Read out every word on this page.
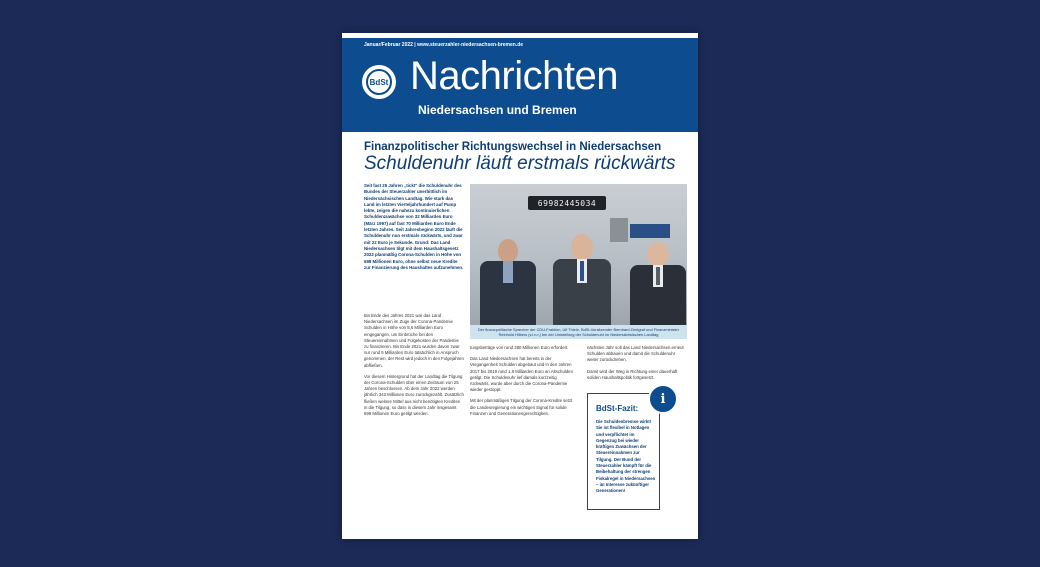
Januar/Februar 2022 | www.steuerzahler-niedersachsen-bremen.de
BdSt Nachrichten
Niedersachsen und Bremen
Finanzpolitischer Richtungswechsel in Niedersachsen
Schuldenuhr läuft erstmals rückwärts
Seit fast 25 Jahren „tickt" die Schuldenuhr des Bundes der Steuerzahler unerbittlich im Niedersächsischen Landtag. Wie stark das Land im letzten Vierteljahrhundert auf Pump lebte, zeigen die nahezu kontinuierlichen Schuldenzuwächse von 32 Milliarden Euro (März 1997) auf fast 70 Milliarden Euro Ende letzten Jahres. Seit Jahresbeginn 2022 läuft die Schuldenuhr nun erstmals rückwärts, und zwar mit 22 Euro je Sekunde. Grund: Das Land Niedersachsen tilgt mit dem Haushaltsgesetz 2022 planmäßig Corona-Schulden in Höhe von 698 Millionen Euro, ohne selbst neue Kredite zur Finanzierung des Haushaltes aufzunehmen.
69982445034
Der finanzpolitische Sprecher der CDU-Fraktion, Ulf Thiele, BdSt-Vorsitzender Bernhard Zentgraf und Finanzminister Reinhold Hilbers (v.l.n.r.) bei der Umstellung der Schuldenuhr im Niedersächsischen Landtag

Bis Ende des Jahres 2021 war das Land Niedersachsen im Zuge der Corona-Pandemie Schulden in Höhe von 8,6 Milliarden Euro eingegangen, um Einbrüche bei den Steuereinnahmen und Folgekosten der Pandemie zu finanzieren. Bis Ende 2021 wurden davon zwar nur rund 5 Milliarden Euro tatsächlich in Anspruch genommen, der Rest wird jedoch in den Folgejahren abfließen.

Vor diesem Hintergrund hat der Landtag die Tilgung der Corona-Schulden über einen Zeitraum von 25 Jahren beschlossen. Ab dem Jahr 2022 werden jährlich 343 Millionen Euro zurückgezahlt. Zusätzlich fließen weitere Mittel aus nicht benötigten Krediten in die Tilgung, so dass in diesem Jahr insgesamt 698 Millionen Euro getilgt werden.

tungsbeträge von rund 280 Millionen Euro erfordert.

Das Land Niedersachsen hat bereits in der Vergangenheit Schulden abgebaut und in den Jahren 2017 bis 2019 rund 1,8 Milliarden Euro an Altschulden getilgt. Die Schuldenuhr lief damals kurzzeitig rückwärts, wurde aber durch die Corona-Pandemie wieder gestoppt.

Mit der planmäßigen Tilgung der Corona-Kredite setzt die Landesregierung ein wichtiges Signal für solide Finanzen und Generationengerechtigkeit.

nächsten Jahr soll das Land Niedersachsen erneut Schulden abbauen und damit die Schuldenuhr weiter zurückdrehen.

Damit wird der Weg in Richtung einer dauerhaft soliden Haushaltspolitik fortgesetzt.

BdSt-Fazit:
Die Schuldenbremse wirkt! Sie ist flexibel in Notlagen und verpflichtet im Gegenzug bei wieder kräftigen Zuwächsen der Steuereinnahmen zur Tilgung. Der Bund der Steuerzahler kämpft für die Beibehaltung der strengen Fiskalregel in Niedersachsen – im Interesse zukünftiger Generationen!
i
